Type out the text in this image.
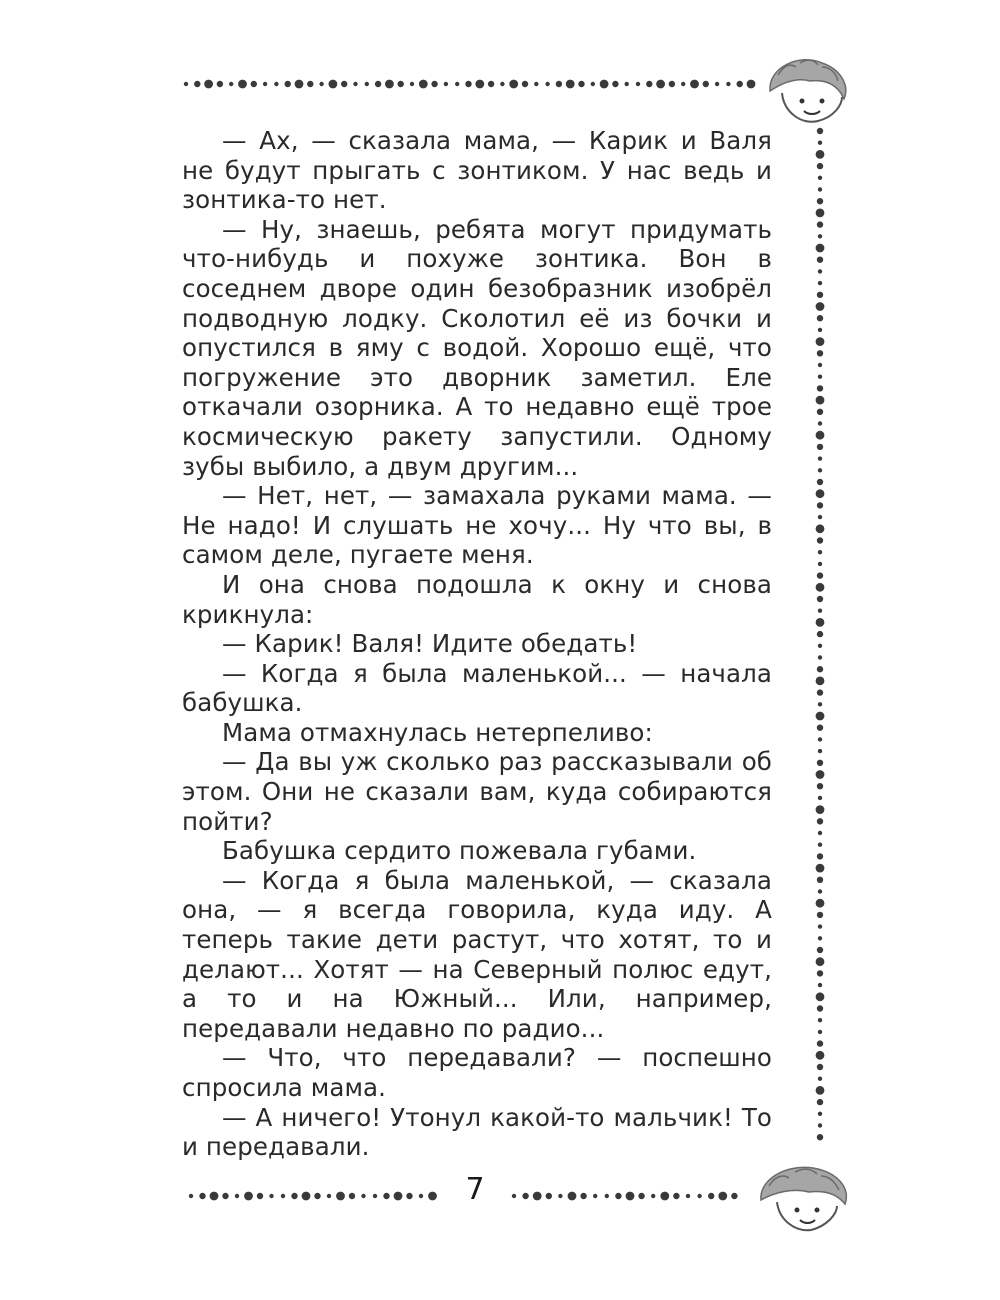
— Ах, — сказала мама, — Карик и Валя не будут прыгать с зонтиком. У нас ведь и зонтика-то нет.

— Ну, знаешь, ребята могут придумать что-нибудь и похуже зонтика. Вон в соседнем дворе один безобразник изобрёл подводную лодку. Сколотил её из бочки и опустился в яму с водой. Хорошо ещё, что погружение это дворник заметил. Еле откачали озорника. А то недавно ещё трое космическую ракету запустили. Одному зубы выбило, а двум другим...

— Нет, нет, — замахала руками мама. — Не надо! И слушать не хочу... Ну что вы, в самом деле, пугаете меня.

И она снова подошла к окну и снова крикнула:

— Карик! Валя! Идите обедать!

— Когда я была маленькой... — начала бабушка.

Мама отмахнулась нетерпеливо:

— Да вы уж сколько раз рассказывали об этом. Они не сказали вам, куда собираются пойти?

Бабушка сердито пожевала губами.

— Когда я была маленькой, — сказала она, — я всегда говорила, куда иду. А теперь такие дети растут, что хотят, то и делают... Хотят — на Северный полюс едут, а то и на Южный... Или, например, передавали недавно по радио...

— Что, что передавали? — поспешно спросила мама.

— А ничего! Утонул какой-то мальчик! То и передавали.

7
